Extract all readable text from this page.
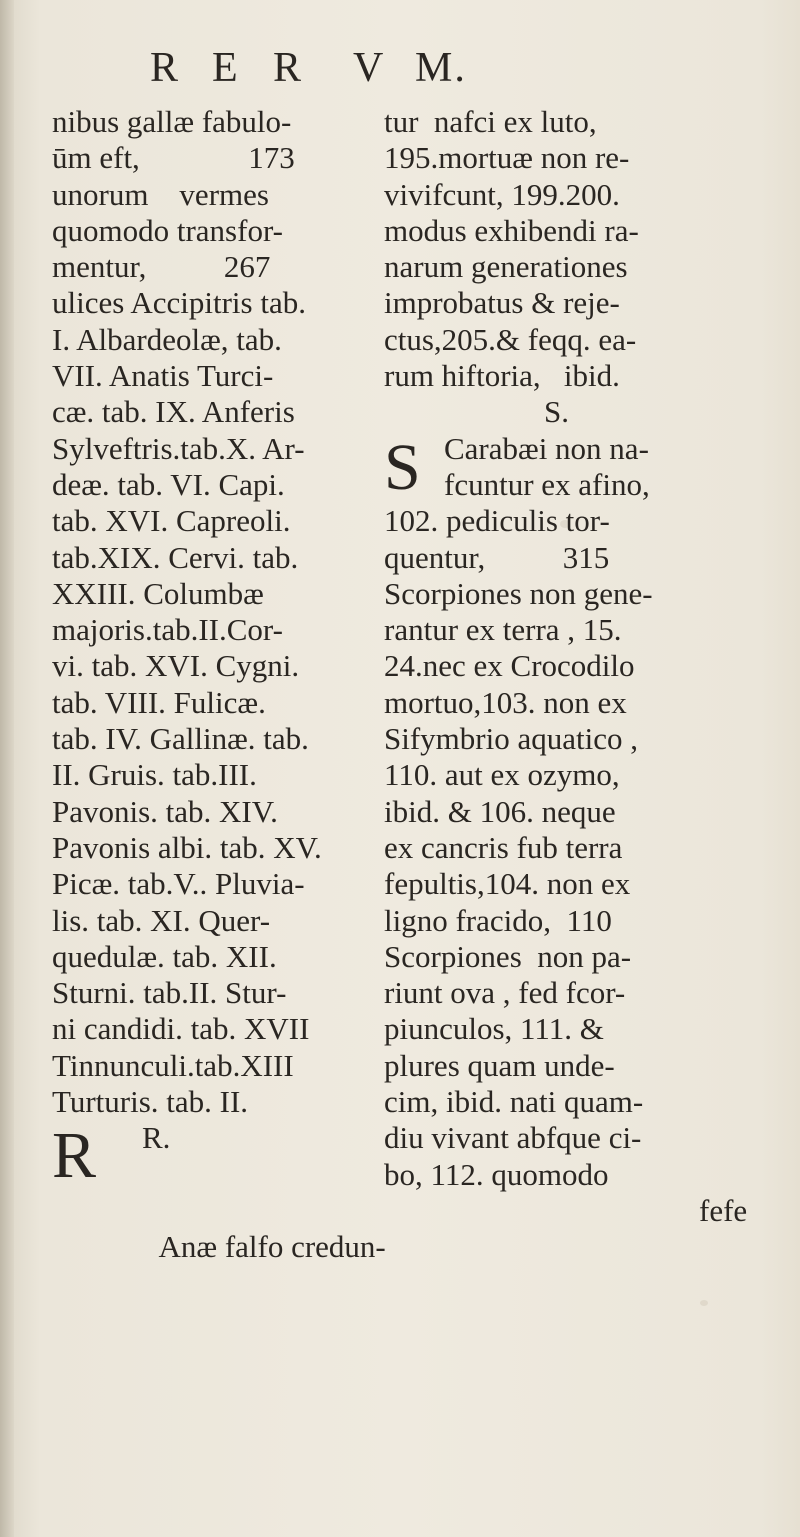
R E R V M.
nibus gallæ fabulo-
ūm eft,              173
unorum    vermes
quomodo transfor-
mentur,          267
ulices Accipitris tab.
I. Albardeolæ, tab.
VII. Anatis Turci-
cæ. tab. IX. Anferis
Sylveftris.tab.X. Ar-
deæ. tab. VI. Capi.
tab. XVI. Capreoli.
tab.XIX. Cervi. tab.
XXIII. Columbæ
majoris.tab.II.Cor-
vi. tab. XVI. Cygni.
tab. VIII. Fulicæ.
tab. IV. Gallinæ. tab.
II. Gruis. tab.III.
Pavonis. tab. XIV.
Pavonis albi. tab. XV.
Picæ. tab.V.. Pluvia-
lis. tab. XI. Quer-
quedulæ. tab. XII.
Sturni. tab.II. Stur-
ni candidi. tab. XVII
Tinnunculi.tab.XIII
Turturis. tab. II.
R.

R

Anæ falfo credun-

tur  nafci ex luto,
195.mortuæ non re-
vivifcunt, 199.200.
modus exhibendi ra-
narum generationes
improbatus & reje-
ctus,205.& feqq. ea-
rum hiftoria,   ibid.
S.
S Carabæi non na-
fcuntur ex afino,
102. pediculis tor-
quentur,          315
Scorpiones non gene-
rantur ex terra , 15.
24.nec ex Crocodilo
mortuo,103. non ex
Sifymbrio aquatico ,
110. aut ex ozymo,
ibid. & 106. neque
ex cancris fub terra
fepultis,104. non ex
ligno fracido,  110
Scorpiones  non pa-
riunt ova , fed fcor-
piunculos, 111. &
plures quam unde-
cim, ibid. nati quam-
diu vivant abfque ci-
bo, 112. quomodo
fefe
